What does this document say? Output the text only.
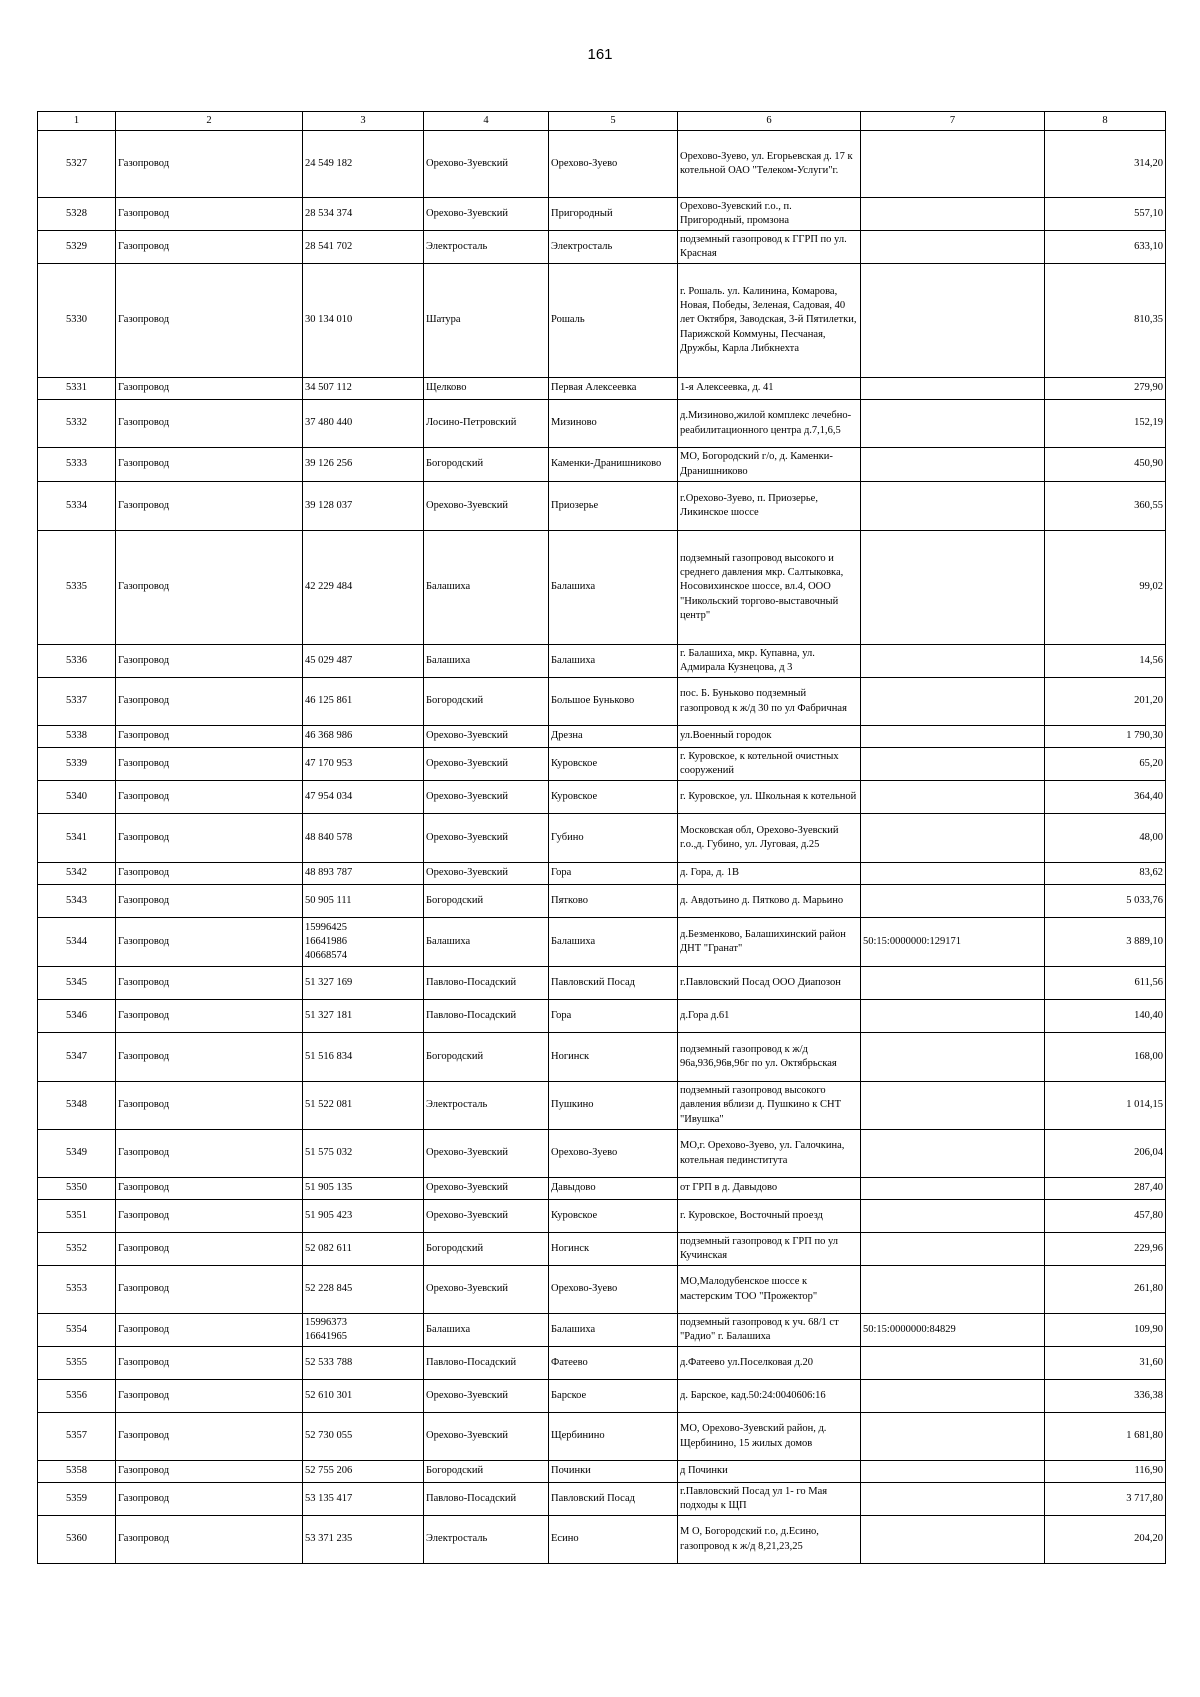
161
1	2	3	4	5	6	7	8
5327	Газопровод	24 549 182	Орехово-Зуевский	Орехово-Зуево	Орехово-Зуево, ул. Егорьевская д. 17 к котельной ОАО "Телеком-Услуги"г.		314,20
5328	Газопровод	28 534 374	Орехово-Зуевский	Пригородный	Орехово-Зуевский г.о., п. Пригородный, промзона		557,10
5329	Газопровод	28 541 702	Электросталь	Электросталь	подземный газопровод к ГГРП по ул. Красная		633,10
5330	Газопровод	30 134 010	Шатура	Рошаль	г. Рошаль. ул. Калинина, Комарова, Новая, Победы, Зеленая, Садовая, 40 лет Октября, Заводская, 3-й Пятилетки, Парижской Коммуны, Песчаная, Дружбы, Карла Либкнехта		810,35
5331	Газопровод	34 507 112	Щелково	Первая Алексеевка	1-я Алексеевка, д. 41		279,90
5332	Газопровод	37 480 440	Лосино-Петровский	Мизиново	д.Мизиново,жилой комплекс лечебно-реабилитационного центра д.7,1,6,5		152,19
5333	Газопровод	39 126 256	Богородский	Каменки-Дранишниково	МО, Богородский г/о, д. Каменки-Дранишниково		450,90
5334	Газопровод	39 128 037	Орехово-Зуевский	Приозерье	г.Орехово-Зуево, п. Приозерье, Ликинское шоссе		360,55
5335	Газопровод	42 229 484	Балашиха	Балашиха	подземный газопровод высокого и среднего давления мкр. Салтыковка, Носовихинское шоссе, вл.4, ООО "Никольский торгово-выставочный центр"		99,02
5336	Газопровод	45 029 487	Балашиха	Балашиха	г. Балашиха, мкр. Купавна, ул. Адмирала Кузнецова, д 3		14,56
5337	Газопровод	46 125 861	Богородский	Большое Буньково	пос. Б. Буньково подземный газопровод к ж/д 30 по ул Фабричная		201,20
5338	Газопровод	46 368 986	Орехово-Зуевский	Дрезна	ул.Военный городок		1 790,30
5339	Газопровод	47 170 953	Орехово-Зуевский	Куровское	г. Куровское, к котельной очистных сооружений		65,20
5340	Газопровод	47 954 034	Орехово-Зуевский	Куровское	г. Куровское, ул. Школьная к котельной		364,40
5341	Газопровод	48 840 578	Орехово-Зуевский	Губино	Московская обл, Орехово-Зуевский г.о.,д. Губино, ул. Луговая, д.25		48,00
5342	Газопровод	48 893 787	Орехово-Зуевский	Гора	д. Гора, д. 1В		83,62
5343	Газопровод	50 905 111	Богородский	Пятково	д. Авдотьино д. Пятково д. Марьино		5 033,76
5344	Газопровод	15996425
16641986
40668574	Балашиха	Балашиха	д.Безменково, Балашихинский район ДНТ "Гранат"	50:15:0000000:129171	3 889,10
5345	Газопровод	51 327 169	Павлово-Посадский	Павловский Посад	г.Павловский Посад ООО Диапозон		611,56
5346	Газопровод	51 327 181	Павлово-Посадский	Гора	д.Гора д.61		140,40
5347	Газопровод	51 516 834	Богородский	Ногинск	подземный газопровод к ж/д 96а,936,96в,96г по ул. Октябрьская		168,00
5348	Газопровод	51 522 081	Электросталь	Пушкино	подземный газопровод высокого давления вблизи д. Пушкино к СНТ "Ивушка"		1 014,15
5349	Газопровод	51 575 032	Орехово-Зуевский	Орехово-Зуево	МО,г. Орехово-Зуево, ул. Галочкина, котельная пединститута		206,04
5350	Газопровод	51 905 135	Орехово-Зуевский	Давыдово	от ГРП в д. Давыдово		287,40
5351	Газопровод	51 905 423	Орехово-Зуевский	Куровское	г. Куровское, Восточный проезд		457,80
5352	Газопровод	52 082 611	Богородский	Ногинск	подземный газопровод к ГРП по ул Кучинская		229,96
5353	Газопровод	52 228 845	Орехово-Зуевский	Орехово-Зуево	МО,Малодубенское шоссе к мастерским ТОО "Прожектор"		261,80
5354	Газопровод	15996373
16641965	Балашиха	Балашиха	подземный газопровод к уч. 68/1 ст "Радио" г. Балашиха	50:15:0000000:84829	109,90
5355	Газопровод	52 533 788	Павлово-Посадский	Фатеево	д.Фатеево ул.Поселковая д.20		31,60
5356	Газопровод	52 610 301	Орехово-Зуевский	Барское	д. Барское, кад.50:24:0040606:16		336,38
5357	Газопровод	52 730 055	Орехово-Зуевский	Щербинино	МО, Орехово-Зуевский район, д. Щербинино, 15 жилых домов		1 681,80
5358	Газопровод	52 755 206	Богородский	Починки	д Починки		116,90
5359	Газопровод	53 135 417	Павлово-Посадский	Павловский Посад	г.Павловский Посад ул 1- го Мая подходы к ЩП		3 717,80
5360	Газопровод	53 371 235	Электросталь	Есино	М О, Богородский г.о, д.Есино, газопровод к ж/д 8,21,23,25		204,20
